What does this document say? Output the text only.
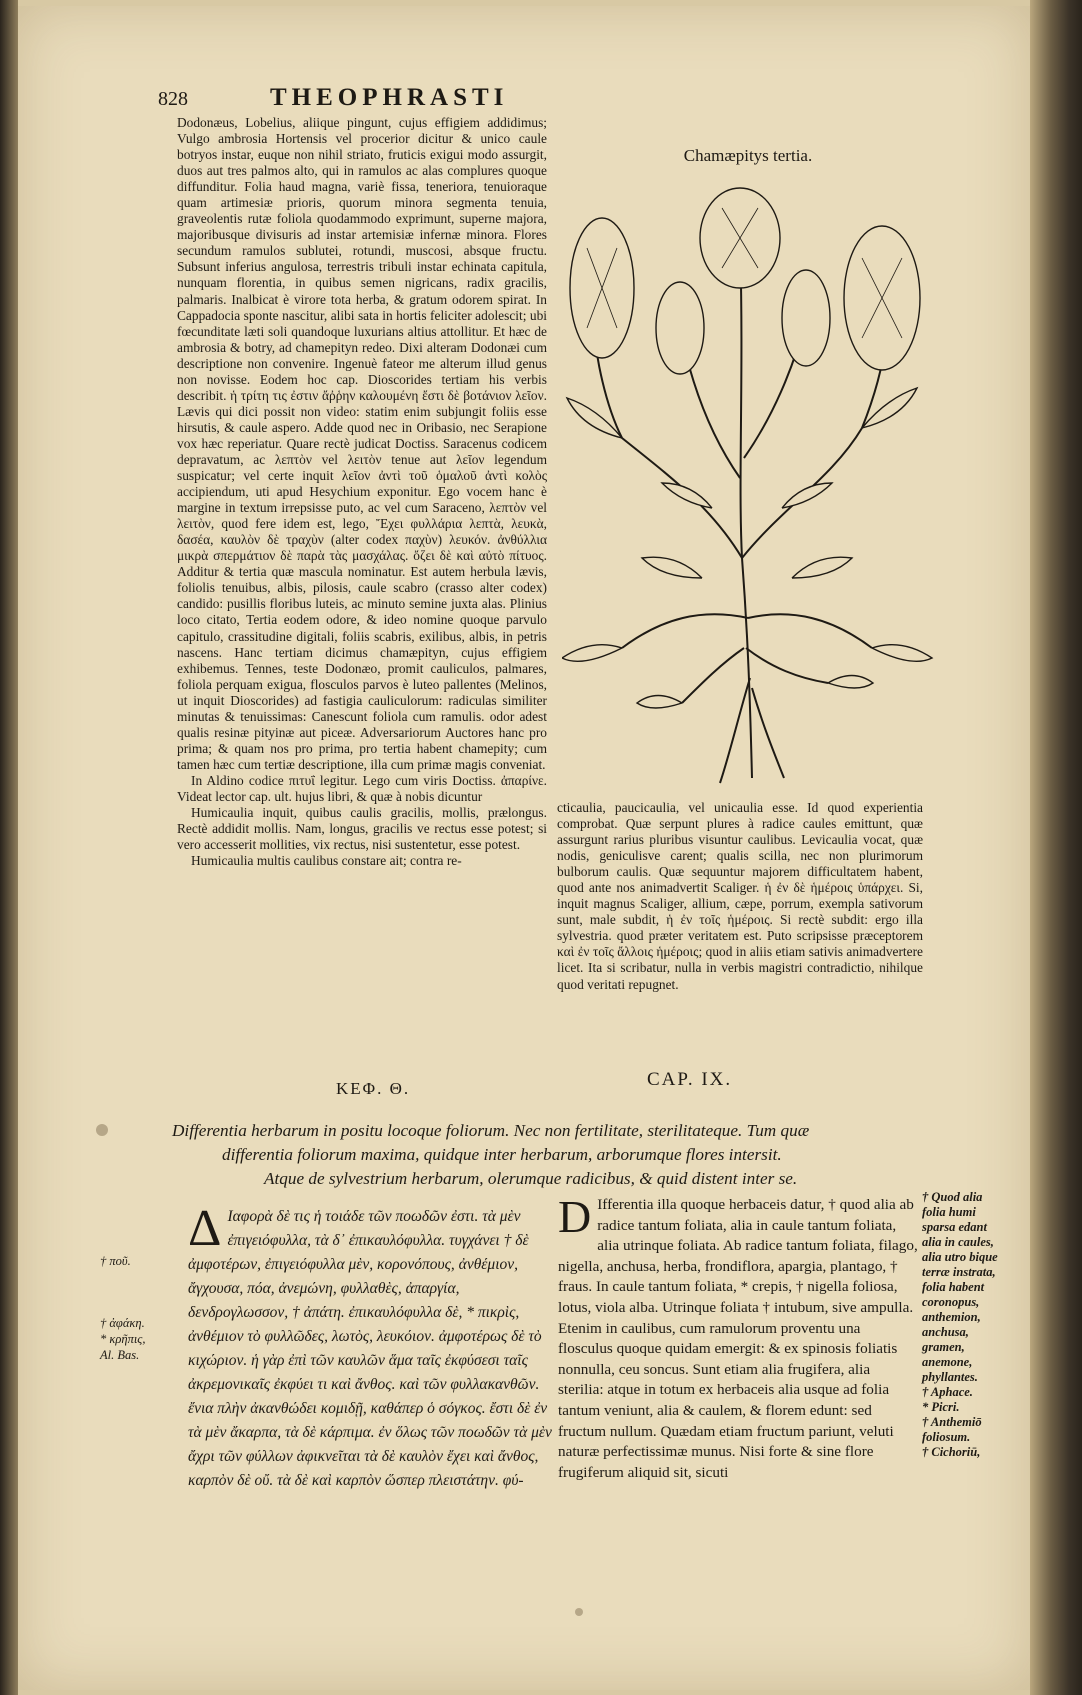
828	THEOPHRASTI

Dodonæus, Lobelius, aliique pingunt, cujus effigiem addidimus; Vulgo ambrosia Hortensis vel procerior dicitur & unico caule botryos instar, euque non nihil striato, fruticis exigui modo assurgit, duos aut tres palmos alto, qui in ramulos ac alas complures quoque diffunditur. Folia haud magna, variè fissa, teneriora, tenuioraque quam artimesiæ prioris, quorum minora segmenta tenuia, graveolentis rutæ foliola quodammodo exprimunt, superne majora, majoribusque divisuris ad instar artemisiæ infernæ minora. Flores secundum ramulos sublutei, rotundi, muscosi, absque fructu. Subsunt inferius angulosa, terrestris tribuli instar echinata capitula, nunquam florentia, in quibus semen nigricans, radix gracilis, palmaris. Inalbicat è virore tota herba, & gratum odorem spirat. In Cappadocia sponte nascitur, alibi sata in hortis feliciter adolescit; ubi fœcunditate læti soli quandoque luxurians altius attollitur. Et hæc de ambrosia & botry, ad chamepityn redeo. Dixi alteram Dodonæi cum descriptione non convenire. Ingenuè fateor me alterum illud genus non novisse. Eodem hoc cap. Dioscorides tertiam his verbis describit. ἡ τρίτη τις ἐστιν ἄῤῥην καλουμένη ἔστι δὲ βοτάνιον λεῖον. Lævis qui dici possit non video: statim enim subjungit foliis esse hirsutis, & caule aspero. Adde quod nec in Oribasio, nec Serapione vox hæc reperiatur. Quare rectè judicat Doctiss. Saracenus codicem depravatum, ac λεπτὸν vel λειτὸν tenue aut λεῖον legendum suspicatur; vel certe inquit λεῖον ἀντὶ τοῦ ὁμαλοῦ ἀντὶ κολὸς accipiendum, uti apud Hesychium exponitur. Ego vocem hanc è margine in textum irrepsisse puto, ac vel cum Saraceno, λεπτὸν vel λειτὸν, quod fere idem est, lego, Ἔχει φυλλάρια λεπτὰ, λευκὰ, δασέα, καυλὸν δὲ τραχὺν (alter codex παχὺν) λευκόν. ἀνθύλλια μικρὰ σπερμάτιον δὲ παρὰ τὰς μασχάλας. ὄζει δὲ καὶ αὐτὸ πίτυος. Additur & tertia quæ mascula nominatur. Est autem herbula lævis, foliolis tenuibus, albis, pilosis, caule scabro (crasso alter codex) candido: pusillis floribus luteis, ac minuto semine juxta alas. Plinius loco citato, Tertia eodem odore, & ideo nomine quoque parvulo capitulo, crassitudine digitali, foliis scabris, exilibus, albis, in petris nascens. Hanc tertiam dicimus chamæpityn, cujus effigiem exhibemus. Tennes, teste Dodonæo, promit cauliculos, palmares, foliola perquam exigua, flosculos parvos è luteo pallentes (Melinos, ut inquit Dioscorides) ad fastigia cauliculorum: radiculas similiter minutas & tenuissimas: Canescunt foliola cum ramulis. odor adest qualis resinæ pityinæ aut piceæ. Adversariorum Auctores hanc pro prima; & quam nos pro prima, pro tertia habent chamepity; cum tamen hæc cum tertiæ descriptione, illa cum primæ magis conveniat.

In Aldino codice πιτυΐ legitur. Lego cum viris Doctiss. ἀπαρίνε. Videat lector cap. ult. hujus libri, & quæ à nobis dicuntur

Humicaulia inquit, quibus caulis gracilis, mollis, prælongus. Rectè addidit mollis. Nam, longus, gracilis ve rectus esse potest; si vero accesserit mollities, vix rectus, nisi sustentetur, esse potest.

Humicaulia multis caulibus constare ait; contra re-

Chamæpitys tertia.

cticaulia, paucicaulia, vel unicaulia esse. Id quod experientia comprobat. Quæ serpunt plures à radice caules emittunt, quæ assurgunt rarius pluribus visuntur caulibus. Levicaulia vocat, quæ nodis, geniculisve carent; qualis scilla, nec non plurimorum bulborum caulis. Quæ sequuntur majorem difficultatem habent, quod ante nos animadvertit Scaliger. ἡ ἐν δὲ ἡμέροις ὑπάρχει. Si, inquit magnus Scaliger, allium, cæpe, porrum, exempla sativorum sunt, male subdit, ἡ ἐν τοῖς ἡμέροις. Si rectè subdit: ergo illa sylvestria. quod præter veritatem est. Puto scripsisse præceptorem καὶ ἐν τοῖς ἄλλοις ἡμέροις; quod in aliis etiam sativis animadvertere licet. Ita si scribatur, nulla in verbis magistri contradictio, nihilque quod veritati repugnet.

ΚΕΦ. Θ.	CAP. IX.
Differentia herbarum in positu locoque foliorum. Nec non fertilitate, sterilitateque. Tum quæ
differentia foliorum maxima, quidque inter herbarum, arborumque flores intersit.
Atque de sylvestrium herbarum, olerumque radicibus, & quid distent inter se.
Δ Ιαφορὰ δὲ τις ἡ τοιάδε τῶν ποωδῶν ἐστι. τὰ μὲν ἐπιγειόφυλλα, τὰ δ᾽ ἐπικαυλόφυλλα. τυγχάνει † δὲ ἀμφοτέρων, ἐπιγειόφυλλα μὲν, κορονόπους, ἀνθέμιον, ἄγχουσα, πόα, ἀνεμώνη, φυλλαθὲς, ἀπαργία, δενδρογλωσσον, † ἀπάτη. ἐπικαυλόφυλλα δὲ, * πικρὶς, ἀνθέμιον τὸ φυλλῶδες, λωτὸς, λευκόιον. ἀμφοτέρως δὲ τὸ κιχώριον. ἡ γὰρ ἐπὶ τῶν καυλῶν ἅμα ταῖς ἐκφύσεσι ταῖς ἀκρεμονικαῖς ἐκφύει τι καὶ ἄνθος. καὶ τῶν φυλλακανθῶν. ἔνια πλὴν ἀκανθώδει κομιδῇ, καθάπερ ὁ σόγκος. ἔστι δὲ ἐν τὰ μὲν ἄκαρπα, τὰ δὲ κάρπιμα. ἐν ὅλως τῶν ποωδῶν τὰ μὲν ἄχρι τῶν φύλλων ἀφικνεῖται τὰ δὲ καυλὸν ἔχει καὶ ἄνθος, καρπὸν δὲ οὔ. τὰ δὲ καὶ καρπὸν ὥσπερ πλειστάτην. φύ-
D Ifferentia illa quoque herbaceis datur, † quod alia ab radice tantum foliata, alia in caule tantum foliata, alia utrinque foliata. Ab radice tantum foliata, filago, nigella, anchusa, herba, frondiflora, apargia, plantago, † fraus. In caule tantum foliata, * crepis, † nigella foliosa, lotus, viola alba. Utrinque foliata † intubum, sive ampulla. Etenim in caulibus, cum ramulorum proventu una flosculus quoque quidam emergit: & ex spinosis foliatis nonnulla, ceu soncus. Sunt etiam alia frugifera, alia sterilia: atque in totum ex herbaceis alia usque ad folia tantum veniunt, alia & caulem, & florem edunt: sed fructum nullum. Quædam etiam fructum pariunt, veluti naturæ perfectissimæ munus. Nisi forte & sine flore frugiferum aliquid sit, sicuti
† ποῦ.
† ἀφάκη.
* κρῆπις,
Al. Bas.
† Quod alia folia humi sparsa edant alia in caules, alia utro bique terræ instrata, folia habent coronopus, anthemion, anchusa, gramen, anemone, phyllantes.
† Aphace.
* Picri.
† Anthemiō foliosum.
† Cichoriū,
